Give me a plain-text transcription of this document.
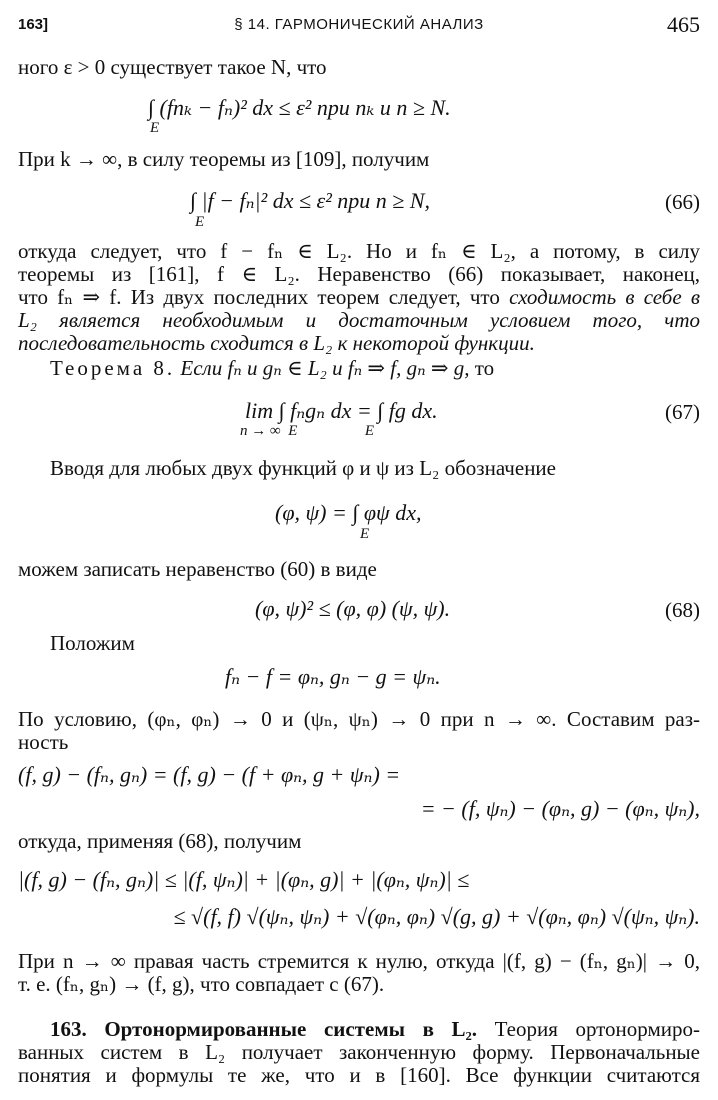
163]	§ 14. ГАРМОНИЧЕСКИЙ АНАЛИЗ	465
ного ε > 0 существует такое N, что
∫ (fnₖ − fₙ)² dx ≤ ε² при nₖ и n ≥ N.
E
При k → ∞, в силу теоремы из [109], получим
∫ |f − fₙ|² dx ≤ ε² при n ≥ N,
E
(66)
откуда следует, что f − fₙ ∈ L₂. Но и fₙ ∈ L₂, а потому, в силу
теоремы из [161], f ∈ L₂. Неравенство (66) показывает, наконец,
что fₙ ⇒ f. Из двух последних теорем следует, что сходимость в себе в
L₂ является необходимым и достаточным условием того, что
последовательность сходится в L₂ к некоторой функции.
Теорема 8. Если fₙ и gₙ ∈ L₂ и fₙ ⇒ f, gₙ ⇒ g, то
lim ∫ fₙgₙ dx = ∫ fg dx.
n → ∞  E                  E
(67)
Вводя для любых двух функций φ и ψ из L₂ обозначение
(φ, ψ) = ∫ φψ dx,
E
можем записать неравенство (60) в виде
(φ, ψ)² ≤ (φ, φ) (ψ, ψ).	(68)
Положим
fₙ − f = φₙ, gₙ − g = ψₙ.
По условию, (φₙ, φₙ) → 0 и (ψₙ, ψₙ) → 0 при n → ∞. Составим раз-
ность
(f, g) − (fₙ, gₙ) = (f, g) − (f + φₙ, g + ψₙ) =
= − (f, ψₙ) − (φₙ, g) − (φₙ, ψₙ),
откуда, применяя (68), получим
|(f, g) − (fₙ, gₙ)| ≤ |(f, ψₙ)| + |(φₙ, g)| + |(φₙ, ψₙ)| ≤
≤ √(f, f) √(ψₙ, ψₙ) + √(φₙ, φₙ) √(g, g) + √(φₙ, φₙ) √(ψₙ, ψₙ).
При n → ∞ правая часть стремится к нулю, откуда |(f, g) − (fₙ, gₙ)| → 0,
т. е. (fₙ, gₙ) → (f, g), что совпадает с (67).
163. Ортонормированные системы в L₂. Теория ортонормиро-
ванных систем в L₂ получает законченную форму. Первоначальные
понятия и формулы те же, что и в [160]. Все функции считаются
